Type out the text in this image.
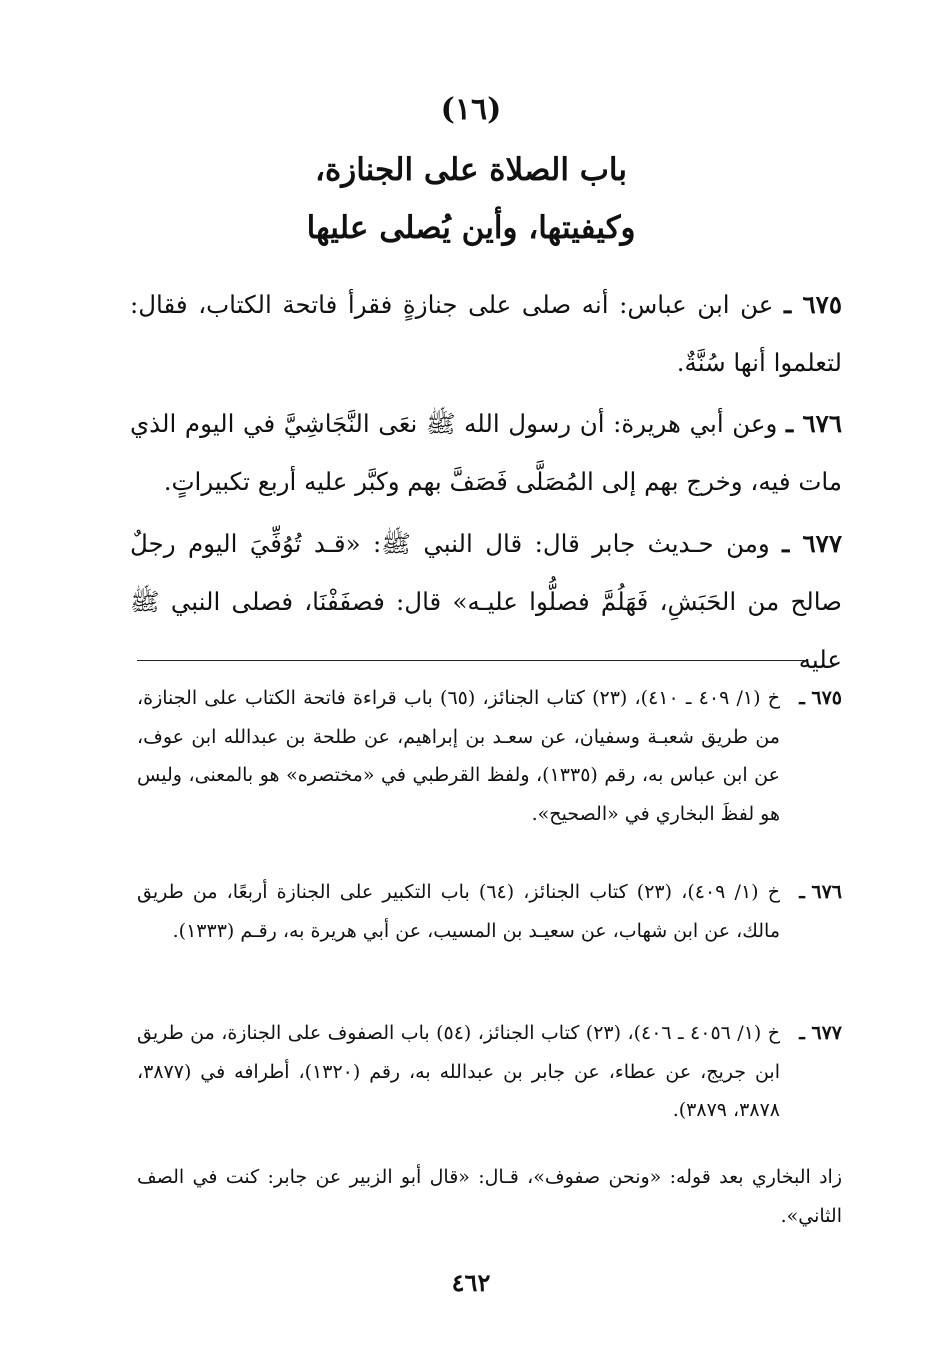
(١٦)
باب الصلاة على الجنازة،
وكيفيتها، وأين يُصلى عليها
٦٧٥ ـ عن ابن عباس: أنه صلى على جنازةٍ فقرأ فاتحة الكتاب، فقال: لتعلموا أنها سُنَّةٌ.
٦٧٦ ـ وعن أبي هريرة: أن رسول الله ﷺ نعَى النَّجَاشِيَّ في اليوم الذي مات فيه، وخرج بهم إلى المُصَلَّى فَصَفَّ بهم وكبَّر عليه أربع تكبيراتٍ.
٦٧٧ ـ ومن حـديث جابر قال: قال النبي ﷺ: «قـد تُوُفِّيَ اليوم رجلٌ صالح من الحَبَشِ، فَهَلُمَّ فصلُّوا عليـه» قال: فصفَفْنَا، فصلى النبي ﷺ عليه
٦٧٥ ـ
خ (١/ ٤٠٩ ـ ٤١٠)، (٢٣) كتاب الجنائز، (٦٥) باب قراءة فاتحة الكتاب على الجنازة، من طريق شعبـة وسفيان، عن سعـد بن إبراهيم، عن طلحة بن عبدالله ابن عوف، عن ابن عباس به، رقم (١٣٣٥)، ولفظ القرطبي في «مختصره» هو بالمعنى، وليس هو لفظَ البخاري في «الصحيح».
٦٧٦ ـ
خ (١/ ٤٠٩)، (٢٣) كتاب الجنائز، (٦٤) باب التكبير على الجنازة أربعًا، من طريق مالك، عن ابن شهاب، عن سعيـد بن المسيب، عن أبي هريرة به، رقـم (١٣٣٣).
٦٧٧ ـ
خ (١/ ٤٠٥٦ ـ ٤٠٦)، (٢٣) كتاب الجنائز، (٥٤) باب الصفوف على الجنازة، من طريق ابن جريج، عن عطاء، عن جابر بن عبدالله به، رقم (١٣٢٠)، أطرافه في (٣٨٧٧، ٣٨٧٨، ٣٨٧٩).
زاد البخاري بعد قوله: «ونحن صفوف»، قـال: «قال أبو الزبير عن جابر: كنت في الصف الثاني».
٤٦٢
